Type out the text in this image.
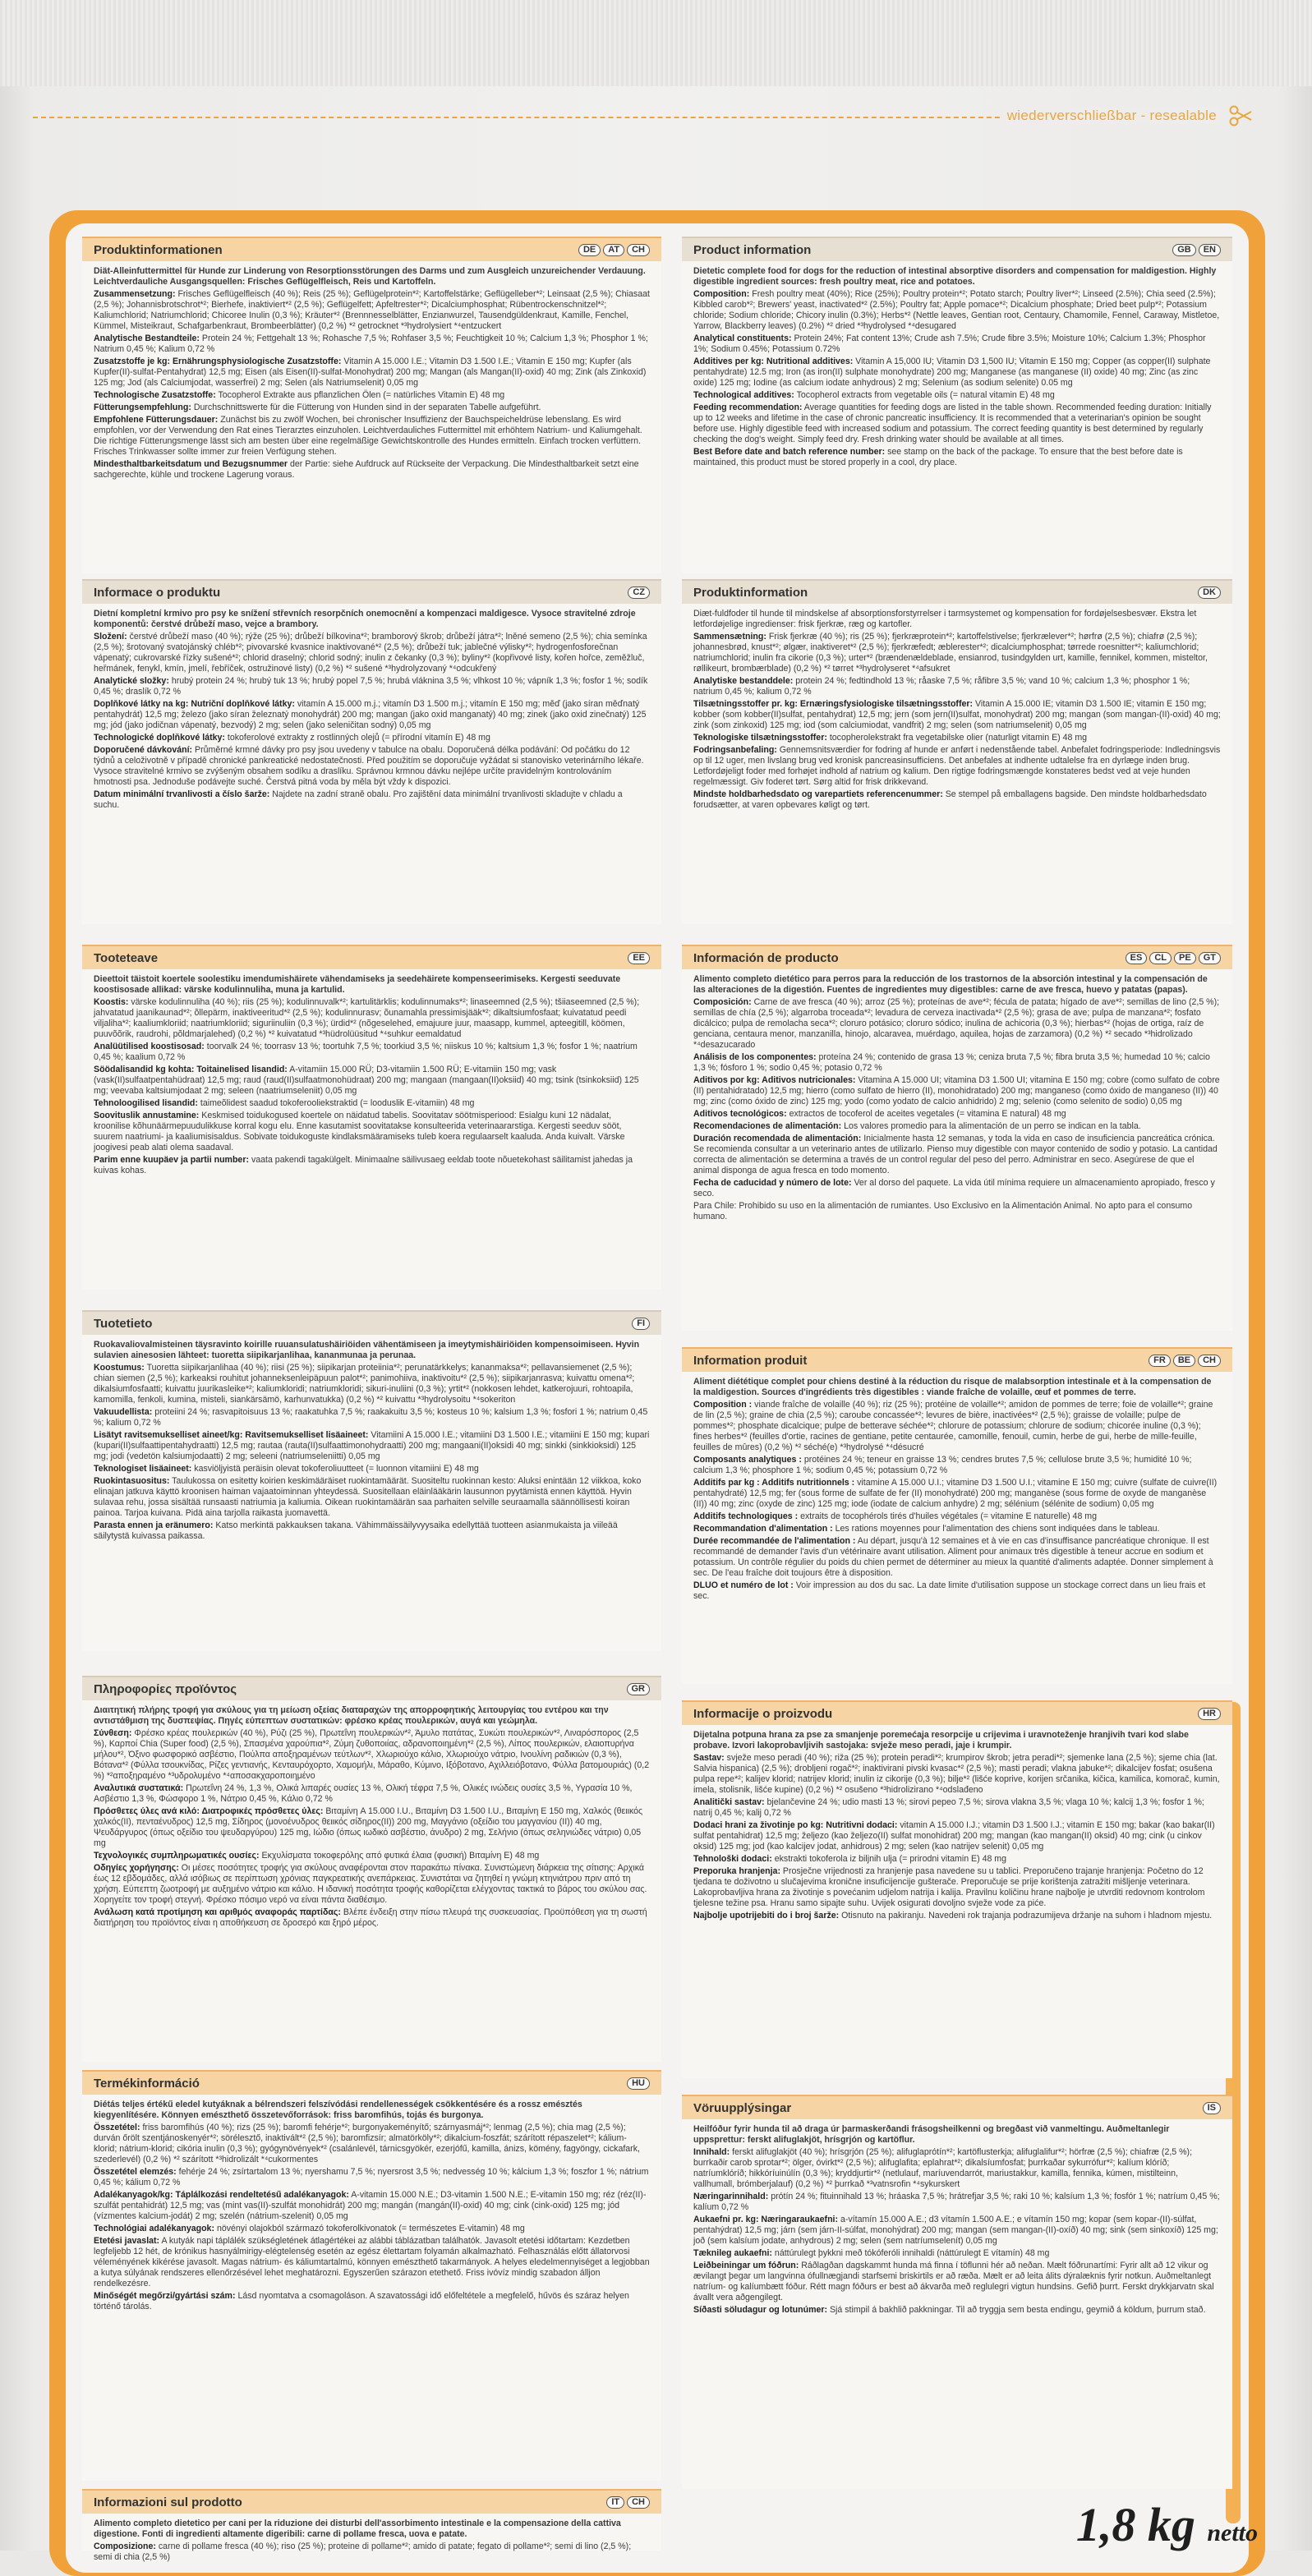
wiederverschließbar - resealable
Produktinformationen	DE	AT	CH

Diät-Alleinfuttermittel für Hunde zur Linderung von Resorptionsstörungen des Darms und zum Ausgleich unzureichender Verdauung. Leichtverdauliche Ausgangsquellen: Frisches Geflügelfleisch, Reis und Kartoffeln.

Zusammensetzung: Frisches Geflügelfleisch (40 %); Reis (25 %); Geflügelprotein*²; Kartoffelstärke; Geflügelleber*²; Leinsaat (2,5 %); Chiasaat (2,5 %); Johannisbrotschrot*²; Bierhefe, inaktiviert*² (2,5 %); Geflügelfett; Apfeltrester*²; Dicalciumphosphat; Rübentrockenschnitzel*²; Kaliumchlorid; Natriumchlorid; Chicoree Inulin (0,3 %); Kräuter*² (Brennnesselblätter, Enzianwurzel, Tausendgüldenkraut, Kamille, Fenchel, Kümmel, Misteikraut, Schafgarbenkraut, Brombeerblätter) (0,2 %) *² getrocknet *³hydrolysiert *⁴entzuckert

Analytische Bestandteile: Protein 24 %; Fettgehalt 13 %; Rohasche 7,5 %; Rohfaser 3,5 %; Feuchtigkeit 10 %; Calcium 1,3 %; Phosphor 1 %; Natrium 0,45 %; Kalium 0,72 %

Zusatzstoffe je kg: Ernährungsphysiologische Zusatzstoffe: Vitamin A 15.000 I.E.; Vitamin D3 1.500 I.E.; Vitamin E 150 mg; Kupfer (als Kupfer(II)-sulfat-Pentahydrat) 12,5 mg; Eisen (als Eisen(II)-sulfat-Monohydrat) 200 mg; Mangan (als Mangan(II)-oxid) 40 mg; Zink (als Zinkoxid) 125 mg; Jod (als Calciumjodat, wasserfrei) 2 mg; Selen (als Natriumselenit) 0,05 mg

Technologische Zusatzstoffe: Tocopherol Extrakte aus pflanzlichen Ölen (= natürliches Vitamin E) 48 mg

Fütterungsempfehlung: Durchschnittswerte für die Fütterung von Hunden sind in der separaten Tabelle aufgeführt.

Empfohlene Fütterungsdauer: Zunächst bis zu zwölf Wochen, bei chronischer Insuffizienz der Bauchspeicheldrüse lebenslang. Es wird empfohlen, vor der Verwendung den Rat eines Tierarztes einzuholen. Leichtverdauliches Futtermittel mit erhöhtem Natrium- und Kaliumgehalt. Die richtige Fütterungsmenge lässt sich am besten über eine regelmäßige Gewichtskontrolle des Hundes ermitteln. Einfach trocken verfüttern. Frisches Trinkwasser sollte immer zur freien Verfügung stehen.

Mindesthaltbarkeitsdatum und Bezugsnummer der Partie: siehe Aufdruck auf Rückseite der Verpackung. Die Mindesthaltbarkeit setzt eine sachgerechte, kühle und trockene Lagerung voraus.

Product information	GB	EN

Dietetic complete food for dogs for the reduction of intestinal absorptive disorders and compensation for maldigestion. Highly digestible ingredient sources: fresh poultry meat, rice and potatoes.

Composition: Fresh poultry meat (40%); Rice (25%); Poultry protein*²; Potato starch; Poultry liver*²; Linseed (2.5%); Chia seed (2.5%); Kibbled carob*²; Brewers' yeast, inactivated*² (2.5%); Poultry fat; Apple pomace*²; Dicalcium phosphate; Dried beet pulp*²; Potassium chloride; Sodium chloride; Chicory inulin (0.3%); Herbs*² (Nettle leaves, Gentian root, Centaury, Chamomile, Fennel, Caraway, Mistletoe, Yarrow, Blackberry leaves) (0.2%) *² dried *³hydrolysed *⁴desugared

Analytical constituents: Protein 24%; Fat content 13%; Crude ash 7.5%; Crude fibre 3.5%; Moisture 10%; Calcium 1.3%; Phosphor 1%; Sodium 0.45%; Potassium 0.72%

Additives per kg: Nutritional additives: Vitamin A 15,000 IU; Vitamin D3 1,500 IU; Vitamin E 150 mg; Copper (as copper(II) sulphate pentahydrate) 12.5 mg; Iron (as iron(II) sulphate monohydrate) 200 mg; Manganese (as manganese (II) oxide) 40 mg; Zinc (as zinc oxide) 125 mg; Iodine (as calcium iodate anhydrous) 2 mg; Selenium (as sodium selenite) 0.05 mg

Technological additives: Tocopherol extracts from vegetable oils (= natural vitamin E) 48 mg

Feeding recommendation: Average quantities for feeding dogs are listed in the table shown. Recommended feeding duration: Initially up to 12 weeks and lifetime in the case of chronic pancreatic insufficiency. It is recommended that a veterinarian's opinion be sought before use. Highly digestible feed with increased sodium and potassium. The correct feeding quantity is best determined by regularly checking the dog's weight. Simply feed dry. Fresh drinking water should be available at all times.

Best Before date and batch reference number: see stamp on the back of the package. To ensure that the best before date is maintained, this product must be stored properly in a cool, dry place.

Informace o produktu	CZ

Dietní kompletní krmivo pro psy ke snížení střevních resorpčních onemocnění a kompenzaci maldigesce. Vysoce stravitelné zdroje komponentů: čerstvé drůbeží maso, vejce a brambory.

Složení: čerstvé drůbeží maso (40 %); rýže (25 %); drůbeží bílkovina*²; bramborový škrob; drůbeží játra*²; lněné semeno (2,5 %); chia semínka (2,5 %); šrotovaný svatojánský chléb*²; pivovarské kvasnice inaktivované*² (2,5 %); drůbeží tuk; jablečné výlisky*²; hydrogenfosforečnan vápenatý; cukrovarské řízky sušené*²; chlorid draselný; chlorid sodný; inulin z čekanky (0,3 %); byliny*² (kopřivové listy, kořen hořce, zeměžluč, heřmánek, fenykl, kmín, jmelí, řebříček, ostružinové listy) (0,2 %) *² sušené *³hydrolyzovaný *⁴odcukřený

Analytické složky: hrubý protein 24 %; hrubý tuk 13 %; hrubý popel 7,5 %; hrubá vláknina 3,5 %; vlhkost 10 %; vápník 1,3 %; fosfor 1 %; sodík 0,45 %; draslík 0,72 %

Doplňkové látky na kg: Nutriční doplňkové látky: vitamín A 15.000 m.j.; vitamín D3 1.500 m.j.; vitamín E 150 mg; měď (jako síran měďnatý pentahydrát) 12,5 mg; železo (jako síran železnatý monohydrát) 200 mg; mangan (jako oxid manganatý) 40 mg; zinek (jako oxid zinečnatý) 125 mg; jód (jako jodičnan vápenatý, bezvodý) 2 mg; selen (jako seleničitan sodný) 0,05 mg

Technologické doplňkové látky: tokoferolové extrakty z rostlinných olejů (= přírodní vitamín E) 48 mg

Doporučené dávkování: Průměrné krmné dávky pro psy jsou uvedeny v tabulce na obalu. Doporučená délka podávání: Od počátku do 12 týdnů a celoživotně v případě chronické pankreatické nedostatečnosti. Před použitím se doporučuje vyžádat si stanovisko veterinárního lékaře. Vysoce stravitelné krmivo se zvýšeným obsahem sodíku a draslíku. Správnou krmnou dávku nejlépe určíte pravidelným kontrolováním hmotnosti psa. Jednoduše podávejte suché. Čerstvá pitná voda by měla být vždy k dispozici.

Datum minimální trvanlivosti a číslo šarže: Najdete na zadní straně obalu. Pro zajištění data minimální trvanlivosti skladujte v chladu a suchu.

Produktinformation	DK

Diæt-fuldfoder til hunde til mindskelse af absorptionsforstyrrelser i tarmsystemet og kompensation for fordøjelsesbesvær. Ekstra let letfordøjelige ingredienser: frisk fjerkræ, ræg og kartofler.

Sammensætning: Frisk fjerkræ (40 %); ris (25 %); fjerkræprotein*²; kartoffelstivelse; fjerkrælever*²; hørfrø (2,5 %); chiafrø (2,5 %); johannesbrød, knust*²; ølgær, inaktiveret*² (2,5 %); fjerkræfedt; æblerester*²; dicalciumphosphat; tørrede roesnitter*²; kaliumchlorid; natriumchlorid; inulin fra cikorie (0,3 %); urter*² (brændenældeblade, ensianrod, tusindgylden urt, kamille, fennikel, kommen, misteltor, røllikeurt, brombærblade) (0,2 %) *² tørret *³hydrolyseret *⁴afsukret

Analytiske bestanddele: protein 24 %; fedtindhold 13 %; råaske 7,5 %; råfibre 3,5 %; vand 10 %; calcium 1,3 %; phosphor 1 %; natrium 0,45 %; kalium 0,72 %

Tilsætningsstoffer pr. kg: Ernæringsfysiologiske tilsætningsstoffer: Vitamin A 15.000 IE; vitamin D3 1.500 IE; vitamin E 150 mg; kobber (som kobber(II)sulfat, pentahydrat) 12,5 mg; jern (som jern(II)sulfat, monohydrat) 200 mg; mangan (som mangan-(II)-oxid) 40 mg; zink (som zinkoxid) 125 mg; iod (som calciumiodat, vandfrit) 2 mg; selen (som natriumselenit) 0,05 mg

Teknologiske tilsætningsstoffer: tocopherolekstrakt fra vegetabilske olier (naturligt vitamin E) 48 mg

Fodringsanbefaling: Gennemsnitsværdier for fodring af hunde er anført i nedenstående tabel. Anbefalet fodringsperiode: Indledningsvis op til 12 uger, men livslang brug ved kronisk pancreasinsufficiens. Det anbefales at indhente udtalelse fra en dyrlæge inden brug. Letfordøjeligt foder med forhøjet indhold af natrium og kalium. Den rigtige fodringsmængde konstateres bedst ved at veje hunden regelmæssigt. Giv foderet tørt. Sørg altid for frisk drikkevand.

Mindste holdbarhedsdato og varepartiets referencenummer: Se stempel på emballagens bagside. Den mindste holdbarhedsdato forudsætter, at varen opbevares køligt og tørt.

Tooteteave	EE

Dieettoit täistoit koertele soolestiku imendumishäirete vähendamiseks ja seedehäirete kompenseerimiseks. Kergesti seeduvate koostisosade allikad: värske kodulinnuliha, muna ja kartulid.

Koostis: värske kodulinnuliha (40 %); riis (25 %); kodulinnuvalk*²; kartulitärklis; kodulinnumaks*²; linaseemned (2,5 %); tšiiaseemned (2,5 %); jahvatatud jaanikaunad*²; õllepärm, inaktiveeritud*² (2,5 %); kodulinnurasv; õunamahla pressimisjääk*²; dikaltsiumfosfaat; kuivatatud peedi viljaliha*²; kaaliumkloriid; naatriumkloriid; siguriinuliin (0,3 %); ürdid*² (nõgeselehed, emajuure juur, maasapp, kummel, apteegitill, köömen, puuvõõrik, raudrohi, põldmarjalehed) (0,2 %) *² kuivatatud *³hüdrolüüsitud *⁴suhkur eemaldatud

Analüütilised koostisosad: toorvalk 24 %; toorrasv 13 %; toortuhk 7,5 %; toorkiud 3,5 %; niiskus 10 %; kaltsium 1,3 %; fosfor 1 %; naatrium 0,45 %; kaalium 0,72 %

Söödalisandid kg kohta: Toitainelised lisandid: A-vitamiin 15.000 RÜ; D3-vitamiin 1.500 RÜ; E-vitamiin 150 mg; vask (vask(II)sulfaatpentahüdraat) 12,5 mg; raud (raud(II)sulfaatmonohüdraat) 200 mg; mangaan (mangaan(II)oksiid) 40 mg; tsink (tsinkoksiid) 125 mg; veevaba kaltsiumjodaat 2 mg; seleen (naatriumseleniit) 0,05 mg

Tehnoloogilised lisandid: taimeõlidest saadud tokoferooliekstraktid (= looduslik E-vitamiin) 48 mg

Soovituslik annustamine: Keskmised toidukogused koertele on näidatud tabelis. Soovitatav söötmisperiood: Esialgu kuni 12 nädalat, kroonilise kõhunäärmepuudulikkuse korral kogu elu. Enne kasutamist soovitatakse konsulteerida veterinaararstiga. Kergesti seeduv sööt, suurem naatriumi- ja kaaliumisisaldus. Sobivate toidukoguste kindlaksmääramiseks tuleb koera regulaarselt kaaluda. Anda kuivalt. Värske joogivesi peab alati olema saadaval.

Parim enne kuupäev ja partii number: vaata pakendi tagakülgelt. Minimaalne säilivusaeg eeldab toote nõuetekohast säilitamist jahedas ja kuivas kohas.

Información de producto	ES	CL	PE	GT

Alimento completo dietético para perros para la reducción de los trastornos de la absorción intestinal y la compensación de las alteraciones de la digestión. Fuentes de ingredientes muy digestibles: carne de ave fresca, huevo y patatas (papas).

Composición: Carne de ave fresca (40 %); arroz (25 %); proteínas de ave*²; fécula de patata; hígado de ave*²; semillas de lino (2,5 %); semillas de chía (2,5 %); algarroba troceada*²; levadura de cerveza inactivada*² (2,5 %); grasa de ave; pulpa de manzana*²; fosfato dicálcico; pulpa de remolacha seca*²; cloruro potásico; cloruro sódico; inulina de achicoria (0,3 %); hierbas*² (hojas de ortiga, raíz de genciana, centaura menor, manzanilla, hinojo, alcaravea, muérdago, aquilea, hojas de zarzamora) (0,2 %) *² secado *³hidrolizado *⁴desazucarado

Análisis de los componentes: proteína 24 %; contenido de grasa 13 %; ceniza bruta 7,5 %; fibra bruta 3,5 %; humedad 10 %; calcio 1,3 %; fósforo 1 %; sodio 0,45 %; potasio 0,72 %

Aditivos por kg: Aditivos nutricionales: Vitamina A 15.000 UI; vitamina D3 1.500 UI; vitamina E 150 mg; cobre (como sulfato de cobre (II) pentahidratado) 12,5 mg; hierro (como sulfato de hierro (II), monohidratado) 200 mg; manganeso (como óxido de manganeso (II)) 40 mg; zinc (como óxido de zinc) 125 mg; yodo (como yodato de calcio anhidrido) 2 mg; selenio (como selenito de sodio) 0,05 mg

Aditivos tecnológicos: extractos de tocoferol de aceites vegetales (= vitamina E natural) 48 mg

Recomendaciones de alimentación: Los valores promedio para la alimentación de un perro se indican en la tabla.

Duración recomendada de alimentación: Inicialmente hasta 12 semanas, y toda la vida en caso de insuficiencia pancreática crónica. Se recomienda consultar a un veterinario antes de utilizarlo. Pienso muy digestible con mayor contenido de sodio y potasio. La cantidad correcta de alimentación se determina a través de un control regular del peso del perro. Administrar en seco. Asegúrese de que el animal disponga de agua fresca en todo momento.

Fecha de caducidad y número de lote: Ver al dorso del paquete. La vida útil mínima requiere un almacenamiento apropiado, fresco y seco.

Para Chile: Prohibido su uso en la alimentación de rumiantes. Uso Exclusivo en la Alimentación Animal. No apto para el consumo humano.

Tuotetieto	FI

Ruokavaliovalmisteinen täysravinto koirille ruuansulatushäiriöiden vähentämiseen ja imeytymishäiriöiden kompensoimiseen. Hyvin sulavien ainesosien lähteet: tuoretta siipikarjanlihaa, kananmunaa ja perunaa.

Koostumus: Tuoretta siipikarjanlihaa (40 %); riisi (25 %); siipikarjan proteiinia*²; perunatärkkelys; kananmaksa*²; pellavansiemenet (2,5 %); chian siemen (2,5 %); karkeaksi rouhitut johanneksenleipäpuun palot*²; panimohiiva, inaktivoitu*² (2,5 %); siipikarjanrasva; kuivattu omena*²; dikalsiumfosfaatti; kuivattu juurikasleike*²; kaliumkloridi; natriumkloridi; sikuri-inuliini (0,3 %); yrtit*² (nokkosen lehdet, katkerojuuri, rohtoapila, kamomilla, fenkoli, kumina, misteli, siankärsämö, karhunvatukka) (0,2 %) *² kuivattu *³hydrolysoitu *⁴sokeriton

Vakuudellista: proteiini 24 %; rasvapitoisuus 13 %; raakatuhka 7,5 %; raakakuitu 3,5 %; kosteus 10 %; kalsium 1,3 %; fosfori 1 %; natrium 0,45 %; kalium 0,72 %

Lisätyt ravitsemukselliset aineet/kg: Ravitsemukselliset lisäaineet: Vitamiini A 15.000 I.E.; vitamiini D3 1.500 I.E.; vitamiini E 150 mg; kupari (kupari(II)sulfaattipentahydraatti) 12,5 mg; rautaa (rauta(II)sulfaattimonohydraatti) 200 mg; mangaani(II)oksidi 40 mg; sinkki (sinkkioksidi) 125 mg; jodi (vedetön kalsiumjodaatti) 2 mg; seleeni (natriumseleniitti) 0,05 mg

Teknologiset lisäaineet: kasviöljyistä peräisin olevat tokoferoliuutteet (= luonnon vitamiini E) 48 mg

Ruokintasuositus: Taulukossa on esitetty koirien keskimääräiset ruokintamäärät. Suositeltu ruokinnan kesto: Aluksi enintään 12 viikkoa, koko elinajan jatkuva käyttö kroonisen haiman vajaatoiminnan yhteydessä. Suositellaan eläinlääkärin lausunnon pyytämistä ennen käyttöä. Hyvin sulavaa rehu, jossa sisältää runsaasti natriumia ja kaliumia. Oikean ruokintamäärän saa parhaiten selville seuraamalla säännöllisesti koiran painoa. Tarjoa kuivana. Pidä aina tarjolla raikasta juomavettä.

Parasta ennen ja eränumero: Katso merkintä pakkauksen takana. Vähimmäissäilyvyysaika edellyttää tuotteen asianmukaista ja viileää säilytystä kuivassa paikassa.

Information produit	FR	BE	CH

Aliment diététique complet pour chiens destiné à la réduction du risque de malabsorption intestinale et à la compensation de la maldigestion. Sources d'ingrédients très digestibles : viande fraîche de volaille, œuf et pommes de terre.

Composition : viande fraîche de volaille (40 %); riz (25 %); protéine de volaille*²; amidon de pommes de terre; foie de volaille*²; graine de lin (2,5 %); graine de chia (2,5 %); caroube concassée*²; levures de bière, inactivées*² (2,5 %); graisse de volaille; pulpe de pommes*²; phosphate dicalcique; pulpe de betterave séchée*²; chlorure de potassium; chlorure de sodium; chicorée inuline (0,3 %); fines herbes*² (feuilles d'ortie, racines de gentiane, petite centaurée, camomille, fenouil, cumin, herbe de gui, herbe de mille-feuille, feuilles de mûres) (0,2 %) *² séché(e) *³hydrolysé *⁴désucré

Composants analytiques : protéines 24 %; teneur en graisse 13 %; cendres brutes 7,5 %; cellulose brute 3,5 %; humidité 10 %; calcium 1,3 %; phosphore 1 %; sodium 0,45 %; potassium 0,72 %

Additifs par kg : Additifs nutritionnels : vitamine A 15.000 U.I.; vitamine D3 1.500 U.I.; vitamine E 150 mg; cuivre (sulfate de cuivre(II) pentahydraté) 12,5 mg; fer (sous forme de sulfate de fer (II) monohydraté) 200 mg; manganèse (sous forme de oxyde de manganèse (II)) 40 mg; zinc (oxyde de zinc) 125 mg; iode (iodate de calcium anhydre) 2 mg; sélénium (sélénite de sodium) 0,05 mg

Additifs technologiques : extraits de tocophérols tirés d'huiles végétales (= vitamine E naturelle) 48 mg

Recommandation d'alimentation : Les rations moyennes pour l'alimentation des chiens sont indiquées dans le tableau.

Durée recommandée de l'alimentation : Au départ, jusqu'à 12 semaines et à vie en cas d'insuffisance pancréatique chronique. Il est recommandé de demander l'avis d'un vétérinaire avant utilisation. Aliment pour animaux très digestible à teneur accrue en sodium et potassium. Un contrôle régulier du poids du chien permet de déterminer au mieux la quantité d'aliments adaptée. Donner simplement à sec. De l'eau fraîche doit toujours être à disposition.

DLUO et numéro de lot : Voir impression au dos du sac. La date limite d'utilisation suppose un stockage correct dans un lieu frais et sec.

Πληροφορίες προϊόντος	GR

Διαιτητική πλήρης τροφή για σκύλους για τη μείωση οξείας διαταραχών της απορροφητικής λειτουργίας του εντέρου και την αντιστάθμιση της δυσπεψίας. Πηγές εύπεπτων συστατικών: φρέσκο κρέας πουλερικών, αυγά και γεώμηλα.

Σύνθεση: Φρέσκο κρέας πουλερικών (40 %), Ρύζι (25 %), Πρωτεΐνη πουλερικών*², Άμυλο πατάτας, Συκώτι πουλερικών*², Λιναρόσπορος (2,5 %), Καρποί Chia (Super food) (2,5 %), Σπασμένα χαρούπια*², Ζύμη ζυθοποιίας, αδρανοποιημένη*² (2,5 %), Λίπος πουλερικών, ελαιοπυρήνα μήλου*², Όξινο φωσφορικό ασβέστιο, Πούλπα αποξηραμένων τεύτλων*², Χλωριούχο κάλιο, Χλωριούχο νάτριο, Ινουλίνη ραδικιών (0,3 %), Βότανα*² (Φύλλα τσουκνίδας, Ρίζες γεντιανής, Κενταυρόχορτο, Χαμομήλι, Μάραθο, Κύμινο, Ιξόβοτανο, Αχιλλειόβοτανο, Φύλλα βατομουριάς) (0,2 %) *²αποξηραμένο *³υδρολυμένο *⁴αποσακχαροποιημένο

Αναλυτικά συστατικά: Πρωτεΐνη 24 %, 1,3 %, Ολικά λιπαρές ουσίες 13 %, Ολική τέφρα 7,5 %, Ολικές ινώδεις ουσίες 3,5 %, Υγρασία 10 %, Ασβέστιο 1,3 %, Φώσφορο 1 %, Νάτριο 0,45 %, Κάλιο 0,72 %

Πρόσθετες ύλες ανά κιλό: Διατροφικές πρόσθετες ύλες: Βιταμίνη A 15.000 I.U., Βιταμίνη D3 1.500 I.U., Βιταμίνη E 150 mg, Χαλκός (θειικός χαλκός(ΙΙ), πενταένυδρος) 12,5 mg, Σίδηρος (μονοένυδρος θειικός σίδηρος(ΙΙ)) 200 mg, Μαγγάνιο (οξείδιο του μαγγανίου (ΙΙ)) 40 mg, Ψευδάργυρος (όπως οξείδιο του ψευδαργύρου) 125 mg, Ιώδιο (όπως ιωδικό ασβέστιο, άνυδρο) 2 mg, Σελήνιο (όπως σεληνιώδες νάτριο) 0,05 mg

Τεχνολογικές συμπληρωματικές ουσίες: Εκχυλίσματα τοκοφερόλης από φυτικά έλαια (φυσική) Βιταμίνη E) 48 mg

Οδηγίες χορήγησης: Οι μέσες ποσότητες τροφής για σκύλους αναφέρονται στον παρακάτω πίνακα. Συνιστώμενη διάρκεια της σίτισης: Αρχικά έως 12 εβδομάδες, αλλά ισόβιως σε περίπτωση χρόνιας παγκρεατικής ανεπάρκειας. Συνιστάται να ζητηθεί η γνώμη κτηνιάτρου πριν από τη χρήση. Εύπεπτη ζωοτροφή με αυξημένο νάτριο και κάλιο. Η ιδανική ποσότητα τροφής καθορίζεται ελέγχοντας τακτικά το βάρος του σκύλου σας. Χορηγείτε τον τροφή στεγνή. Φρέσκο πόσιμο νερό να είναι πάντα διαθέσιμο.

Ανάλωση κατά προτίμηση και αριθμός αναφοράς παρτίδας: Βλέπε ένδειξη στην πίσω πλευρά της συσκευασίας. Προϋπόθεση για τη σωστή διατήρηση του προϊόντος είναι η αποθήκευση σε δροσερό και ξηρό μέρος.

Informacije o proizvodu	HR

Dijetalna potpuna hrana za pse za smanjenje poremećaja resorpcije u crijevima i uravnoteženje hranjivih tvari kod slabe probave. Izvori lakoprobavljivih sastojaka: svježe meso peradi, jaje i krumpir.

Sastav: svježe meso peradi (40 %); riža (25 %); protein peradi*²; krumpirov škrob; jetra peradi*²; sjemenke lana (2,5 %); sjeme chia (lat. Salvia hispanica) (2,5 %); drobljeni rogač*²; inaktivirani pivski kvasac*² (2,5 %); masti peradi; vlakna jabuke*²; dikalcijev fosfat; osušena pulpa repe*²; kalijev klorid; natrijev klorid; inulin iz cikorije (0,3 %); bilje*² (lišće koprive, korijen srčanika, kičica, kamilica, komorač, kumin, imela, stolisnik, lišće kupine) (0,2 %) *² osušeno *³hidrolizirano *⁴odslađeno

Analitički sastav: bjelančevine 24 %; udio masti 13 %; sirovi pepeo 7,5 %; sirova vlakna 3,5 %; vlaga 10 %; kalcij 1,3 %; fosfor 1 %; natrij 0,45 %; kalij 0,72 %

Dodaci hrani za životinje po kg: Nutritivni dodaci: vitamin A 15.000 I.J.; vitamin D3 1.500 I.J.; vitamin E 150 mg; bakar (kao bakar(II) sulfat pentahidrat) 12,5 mg; željezo (kao željezo(II) sulfat monohidrat) 200 mg; mangan (kao mangan(II) oksid) 40 mg; cink (u cinkov oksid) 125 mg; jod (kao kalcijev jodat, anhidrous) 2 mg; selen (kao natrijev selenit) 0,05 mg

Tehnološki dodaci: ekstrakti tokoferola iz biljnih ulja (= prirodni vitamin E) 48 mg

Preporuka hranjenja: Prosječne vrijednosti za hranjenje pasa navedene su u tablici. Preporučeno trajanje hranjenja: Početno do 12 tjedana te doživotno u slučajevima kronične insuficijencije gušterače. Preporučuje se prije korištenja zatražiti mišljenje veterinara. Lakoprobavljiva hrana za životinje s povećanim udjelom natrija i kalija. Pravilnu količinu hrane najbolje je utvrditi redovnom kontrolom tjelesne težine psa. Hranu samo sipajte suhu. Uvijek osigurati dovoljno svježe vode za piće.

Najbolje upotrijebiti do i broj šarže: Otisnuto na pakiranju. Navedeni rok trajanja podrazumijeva držanje na suhom i hladnom mjestu.

Termékinformáció	HU

Diétás teljes értékű eledel kutyáknak a bélrendszeri felszívódási rendellenességek csökkentésére és a rossz emésztés kiegyenlítésére. Könnyen emészthető összetevőforrások: friss baromfihús, tojás és burgonya.

Összetétel: friss baromfihús (40 %); rizs (25 %); baromfi fehérje*²; burgonyakeményítő; szárnyasmáj*²; lenmag (2,5 %); chia mag (2,5 %); durván őrölt szentjánoskenyér*²; sörélesztő, inaktivált*² (2,5 %); baromfizsír; almatörköly*²; dikalcium-foszfát; szárított répaszelet*²; kálium-klorid; nátrium-klorid; cikória inulin (0,3 %); gyógynövények*² (csalánlevél, tárnicsgyökér, ezerjófű, kamilla, ánizs, kömény, fagyöngy, cickafark, szederlevél) (0,2 %) *² szárított *³hidrolizált *⁴cukormentes

Összetétel elemzés: fehérje 24 %; zsírtartalom 13 %; nyershamu 7,5 %; nyersrost 3,5 %; nedvesség 10 %; kálcium 1,3 %; foszfor 1 %; nátrium 0,45 %; kálium 0,72 %

Adalékanyagok/kg: Táplálkozási rendeltetésű adalékanyagok: A-vitamin 15.000 N.E.; D3-vitamin 1.500 N.E.; E-vitamin 150 mg; réz (réz(II)-szulfát pentahidrát) 12,5 mg; vas (mint vas(II)-szulfát monohidrát) 200 mg; mangán (mangán(II)-oxid) 40 mg; cink (cink-oxid) 125 mg; jód (vízmentes kalcium-jodát) 2 mg; szelén (nátrium-szelenit) 0,05 mg

Technológiai adalékanyagok: növényi olajokból származó tokoferolkivonatok (= természetes E-vitamin) 48 mg

Etetési javaslat: A kutyák napi táplálék szükségletének átlagértékei az alábbi táblázatban találhatók. Javasolt etetési időtartam: Kezdetben legfeljebb 12 hét, de krónikus hasnyálmirigy-elégtelenség esetén az egész élettartam folyamán alkalmazható. Felhasználás előtt állatorvosi véleményének kikérése javasolt. Magas nátrium- és káliumtartalmú, könnyen emészthető takarmányok. A helyes eledelmennyiséget a legjobban a kutya súlyának rendszeres ellenőrzésével lehet meghatározni. Egyszerűen szárazon etethető. Friss ivóvíz mindig szabadon álljon rendelkezésre.

Minőségét megőrzi/gyártási szám: Lásd nyomtatva a csomagoláson. A szavatossági idő előfeltétele a megfelelő, hűvös és száraz helyen történő tárolás.

Vöruupplýsingar	IS

Heilfóður fyrir hunda til að draga úr þarmaskerðandi frásogsheilkenni og bregðast við vanmeltingu. Auðmeltanlegir uppsprettur: ferskt alifuglakjöt, hrísgrjón og kartöflur.

Innihald: ferskt alifuglakjöt (40 %); hrísgrjón (25 %); alifuglaprótín*²; kartöflusterkja; alifuglalifur*²; hörfræ (2,5 %); chiafræ (2,5 %); burrkaðir carob sprotar*²; ölger, óvirkt*² (2,5 %); alifuglafita; eplahrat*²; dikalsíumfosfat; þurrkaðar sykurrófur*²; kalíum klóríð; natríumklóríð; hikkóríuinúlín (0,3 %); kryddjurtir*² (netlulauf, maríuvendarrót, mariustakkur, kamilla, fennika, kúmen, mistilteinn, vallhumall, brómberjalauf) (0,2 %) *² þurrkað *³vatnsrofin *⁴sykurskert

Næringarinnihald: prótín 24 %; fituinnihald 13 %; hráaska 7,5 %; hrátrefjar 3,5 %; raki 10 %; kalsíum 1,3 %; fosfór 1 %; natríum 0,45 %; kalíum 0,72 %

Aukaefni pr. kg: Næringaraukaefni: a-vítamín 15.000 A.E.; d3 vítamín 1.500 A.E.; e vítamín 150 mg; kopar (sem kopar-(II)-súlfat, pentahýdrat) 12,5 mg; járn (sem járn-II-súlfat, monohýdrat) 200 mg; mangan (sem mangan-(II)-oxíð) 40 mg; sink (sem sinkoxíð) 125 mg; joð (sem kalsíum jodate, anhydrous) 2 mg; selen (sem natríumselenít) 0,05 mg

Tæknileg aukaefni: náttúrulegt þykkni með tókóferóli innihaldi (náttúrulegt E vítamín) 48 mg

Leiðbeiningar um fóðrun: Ráðlagðan dagskammt hunda má finna í töflunni hér að neðan. Mælt fóðrunartími: Fyrir allt að 12 vikur og ævilangt þegar um langvinna ófullnægjandi starfsemi briskirtils er að ræða. Mælt er að leita álits dýralæknis fyrir notkun. Auðmeltanlegt natríum- og kalíumbætt fóður. Rétt magn fóðurs er best að ákvarða með reglulegri vigtun hundsins. Gefið þurrt. Ferskt drykkjarvatn skal ávallt vera aðgengilegt.

Síðasti söludagur og lotunúmer: Sjá stimpil á bakhlið pakkningar. Til að tryggja sem besta endingu, geymið á köldum, þurrum stað.

Informazioni sul prodotto	IT	CH

Alimento completo dietetico per cani per la riduzione dei disturbi dell'assorbimento intestinale e la compensazione della cattiva digestione. Fonti di ingredienti altamente digeribili: carne di pollame fresca, uova e patate.

Composizione: carne di pollame fresca (40 %); riso (25 %); proteine di pollame*²; amido di patate; fegato di pollame*²; semi di lino (2,5 %); semi di chia (2,5 %)

1,8 kg netto
